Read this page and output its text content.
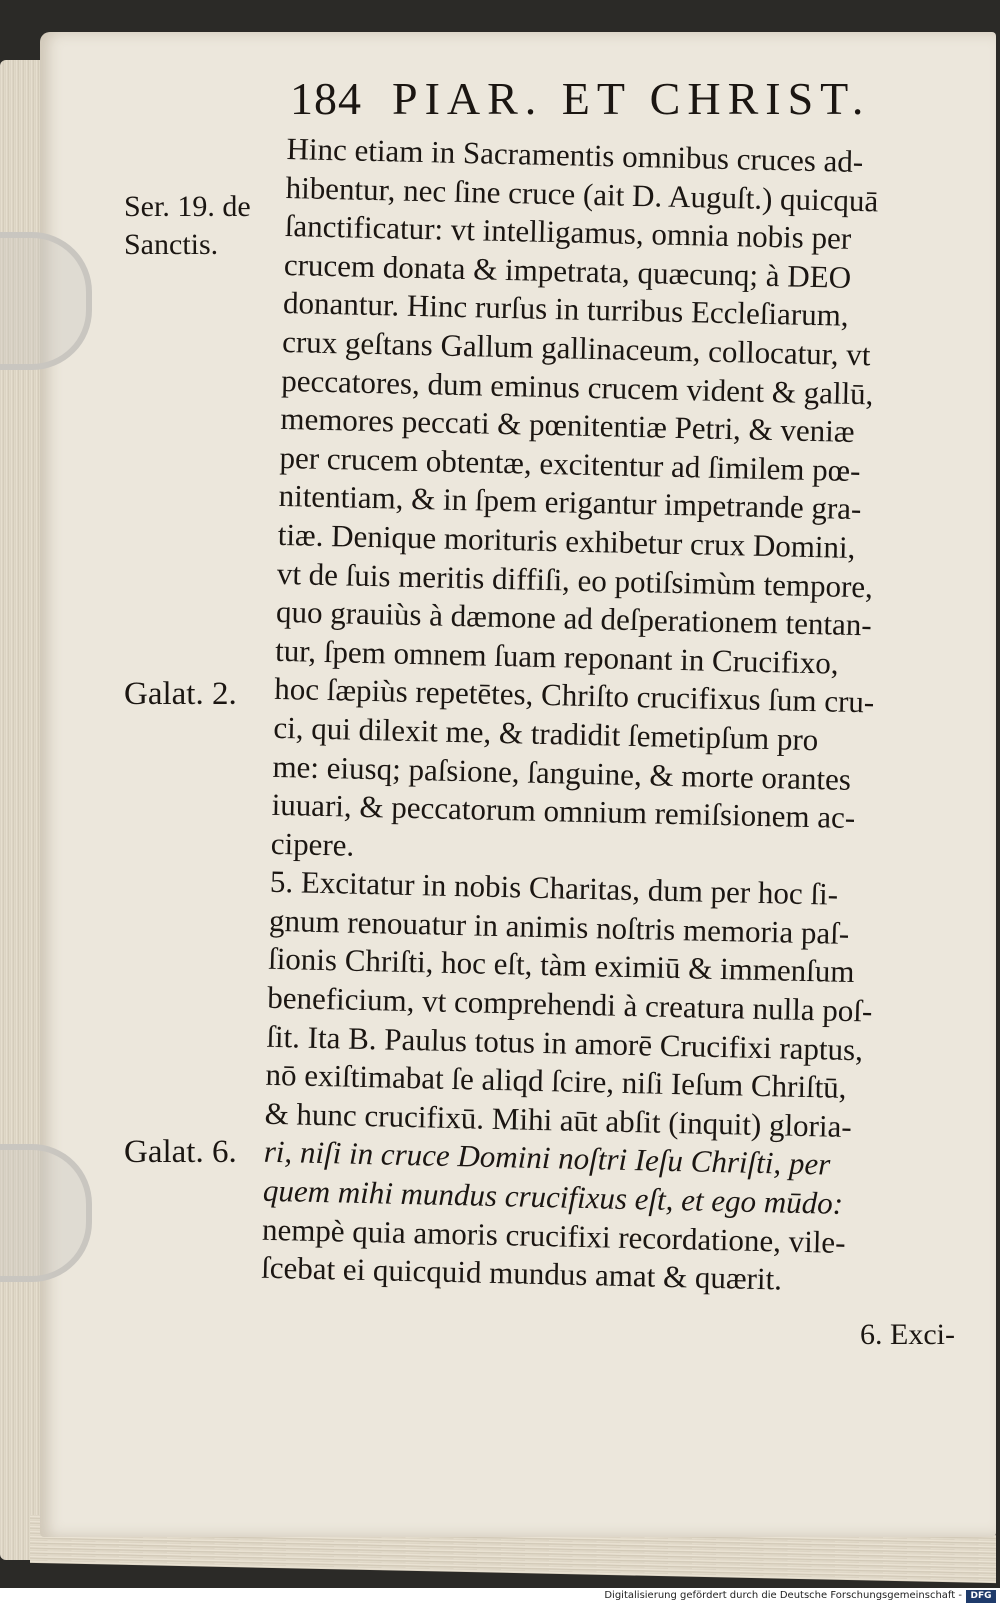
184 PIAR. ET CHRIST.
Ser. 19. de
Sanctis.
Galat. 2.
Galat. 6.
Hinc etiam in Sacramentis omnibus cruces ad-
hibentur, nec ſine cruce (ait D. Auguſt.) quicquā
ſanctificatur: vt intelligamus, omnia nobis per
crucem donata & impetrata, quæcunq; à DEO
donantur. Hinc rurſus in turribus Eccleſiarum,
crux geſtans Gallum gallinaceum, collocatur, vt
peccatores, dum eminus crucem vident & gallū,
memores peccati & pœnitentiæ Petri, & veniæ
per crucem obtentæ, excitentur ad ſimilem pœ-
nitentiam, & in ſpem erigantur impetrande gra-
tiæ. Denique morituris exhibetur crux Domini,
vt de ſuis meritis diffiſi, eo potiſsimùm tempore,
quo grauiùs à dæmone ad deſperationem tentan-
tur, ſpem omnem ſuam reponant in Crucifixo,
hoc ſæpiùs repetētes, Chriſto crucifixus ſum cru-
ci, qui dilexit me, & tradidit ſemetipſum pro
me: eiusq; paſsione, ſanguine, & morte orantes
iuuari, & peccatorum omnium remiſsionem ac-
cipere.
5. Excitatur in nobis Charitas, dum per hoc ſi-
gnum renouatur in animis noſtris memoria paſ-
ſionis Chriſti, hoc eſt, tàm eximiū & immenſum
beneficium, vt comprehendi à creatura nulla poſ-
ſit. Ita B. Paulus totus in amorē Crucifixi raptus,
nō exiſtimabat ſe aliqd ſcire, niſi Ieſum Chriſtū,
& hunc crucifixū. Mihi aūt abſit (inquit) gloria-
ri, niſi in cruce Domini noſtri Ieſu Chriſti, per
quem mihi mundus crucifixus eſt, et ego mūdo:
nempè quia amoris crucifixi recordatione, vile-
ſcebat ei quicquid mundus amat & quærit.
6. Exci-
Digitalisierung gefördert durch die Deutsche Forschungsgemeinschaft - DFG
